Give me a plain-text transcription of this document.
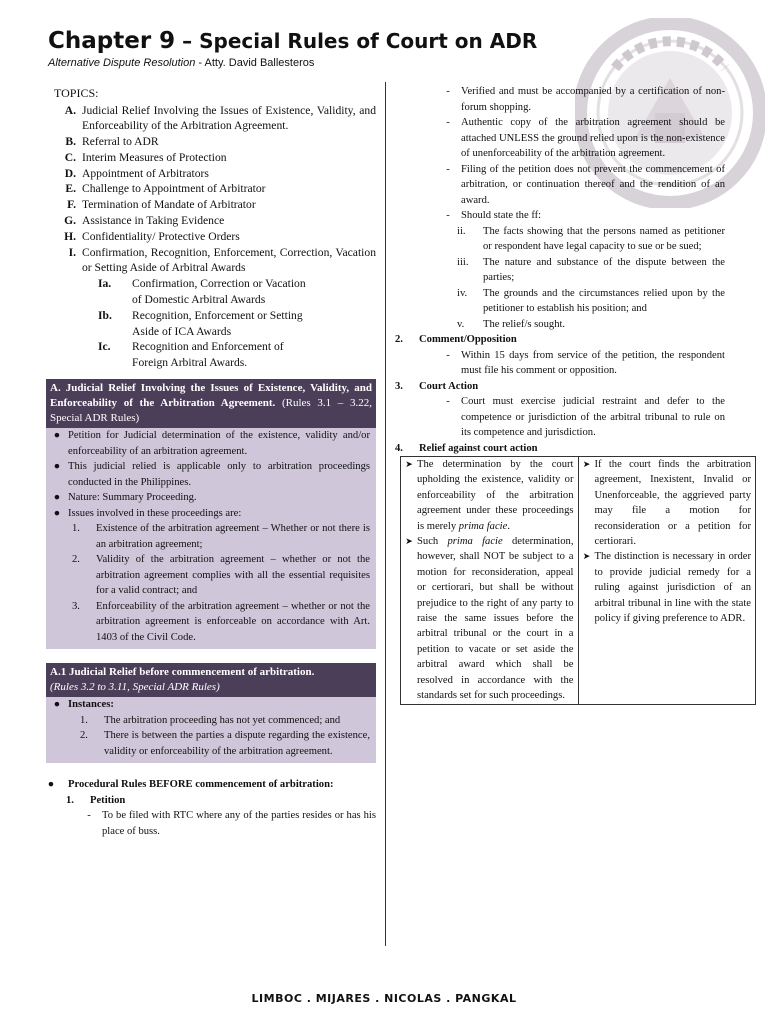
Chapter 9 – Special Rules of Court on ADR
Alternative Dispute Resolution - Atty. David Ballesteros
TOPICS:
A. Judicial Relief Involving the Issues of Existence, Validity, and Enforceability of the Arbitration Agreement.
B. Referral to ADR
C. Interim Measures of Protection
D. Appointment of Arbitrators
E. Challenge to Appointment of Arbitrator
F. Termination of Mandate of Arbitrator
G. Assistance in Taking Evidence
H. Confidentiality/ Protective Orders
I. Confirmation, Recognition, Enforcement, Correction, Vacation or Setting Aside of Arbitral Awards
Ia.	Confirmation, Correction or Vacation of Domestic Arbitral Awards
Ib.	Recognition, Enforcement or Setting Aside of ICA Awards
Ic.	Recognition and Enforcement of Foreign Arbitral Awards.
A. Judicial Relief Involving the Issues of Existence, Validity, and Enforceability of the Arbitration Agreement. (Rules 3.1 – 3.22, Special ADR Rules)
● Petition for Judicial determination of the existence, validity and/or enforceability of an arbitration agreement.
● This judicial relied is applicable only to arbitration proceedings conducted in the Philippines.
● Nature: Summary Proceeding.
● Issues involved in these proceedings are:
1.	Existence of the arbitration agreement – Whether or not there is an arbitration agreement;
2.	Validity of the arbitration agreement – whether or not the arbitration agreement complies with all the essential requisites for a valid contract; and
3.	Enforceability of the arbitration agreement – whether or not the arbitration agreement is enforceable on accordance with Art. 1403 of the Civil Code.
A.1 Judicial Relief before commencement of arbitration.
(Rules 3.2 to 3.11, Special ADR Rules)
● Instances:
1.	The arbitration proceeding has not yet commenced; and
2.	There is between the parties a dispute regarding the existence, validity or enforceability of the arbitration agreement.
●	Procedural Rules BEFORE commencement of arbitration:
1.	Petition
-	To be filed with RTC where any of the parties resides or has his place of buss.
-	Verified and must be accompanied by a certification of non-forum shopping.
-	Authentic copy of the arbitration agreement should be attached UNLESS the ground relied upon is the non-existence of unenforceability of the arbitration agreement.
-	Filing of the petition does not prevent the commencement of arbitration, or continuation thereof and the rendition of an award.
-	Should state the ff:
ii.	The facts showing that the persons named as petitioner or respondent have legal capacity to sue or be sued;
iii.	The nature and substance of the dispute between the parties;
iv.	The grounds and the circumstances relied upon by the petitioner to establish his position; and
v.	The relief/s sought.
2.	Comment/Opposition
-	Within 15 days from service of the petition, the respondent must file his comment or opposition.
3.	Court Action
-	Court must exercise judicial restraint and defer to the competence or jurisdiction of the arbitral tribunal to rule on its competence and jurisdiction.
4.	Relief against court action
➤ The determination by the court upholding the existence, validity or enforceability of the arbitration agreement under these proceedings is merely prima facie.
➤ Such prima facie determination, however, shall NOT be subject to a motion for reconsideration, appeal or certiorari, but shall be without prejudice to the right of any party to raise the same issues before the arbitral tribunal or the court in a petition to vacate or set aside the arbitral award which shall be resolved in accordance with the standards set for such proceedings.

➤ If the court finds the arbitration agreement, Inexistent, Invalid or Unenforceable, the aggrieved party may file a motion for reconsideration or a petition for certiorari.
➤ The distinction is necessary in order to provide judicial remedy for a ruling against jurisdiction of an arbitral tribunal in line with the state policy if giving preference to ADR.
LIMBOC . MIJARES . NICOLAS . PANGKAL
